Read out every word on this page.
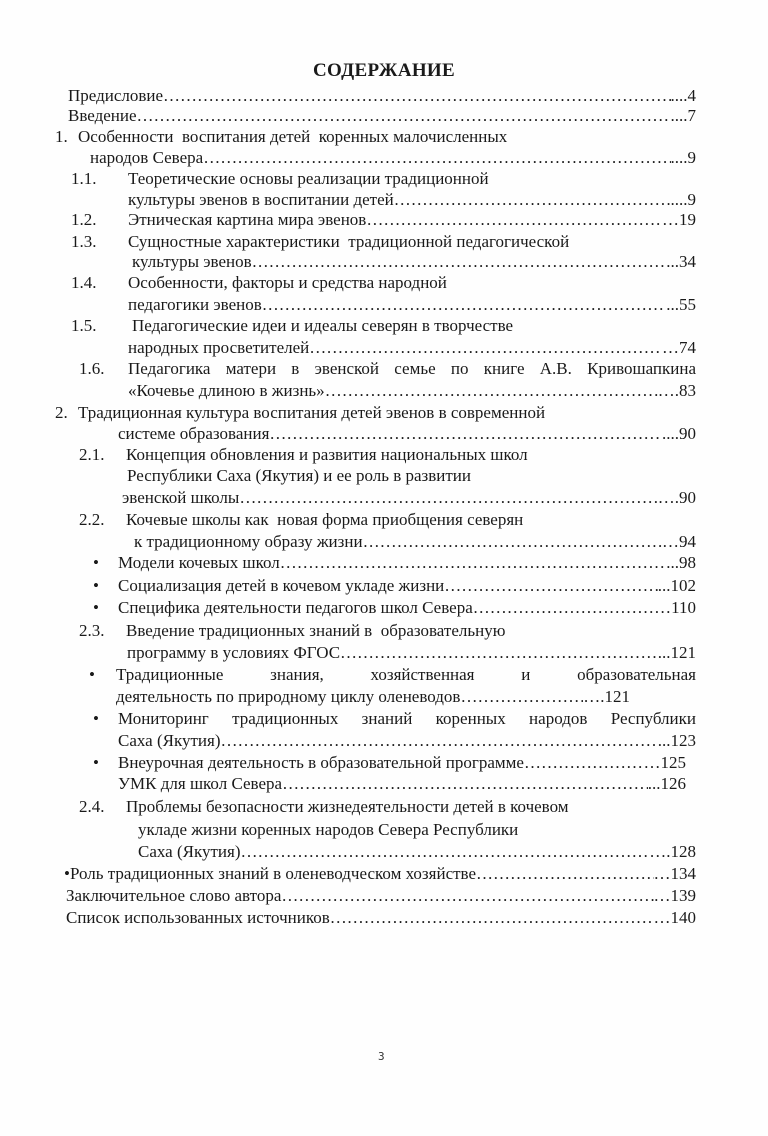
СОДЕРЖАНИЕ
Предисловие ……………………………………………………………………………………………………………………………………………………………………	....4
Введение ……………………………………………………………………………………………………………………………………………………………………	....7
1. Особенности  воспитания детей  коренных малочисленных
народов Севера ……………………………………………………………………………………………………………………………………………………………………	....9
1.1. Теоретические основы реализации традиционной
культуры эвенов в воспитании детей ……………………………………………………………………………………………………………………………………………………………………	....9
1.2. Этническая картина мира эвенов ……………………………………………………………………………………………………………………………………………………………………	…19
1.3. Сущностные характеристики  традиционной педагогической
культуры эвенов ……………………………………………………………………………………………………………………………………………………………………	...34
1.4. Особенности, факторы и средства народной
педагогики эвенов ……………………………………………………………………………………………………………………………………………………………………	...55
1.5. Педагогические идеи и идеалы северян в творчестве
народных просветителей ……………………………………………………………………………………………………………………………………………………………………	…74
1.6. Педагогика матери в эвенской семье по книге А.В. Кривошапкина
«Кочевье длиною в жизнь» ……………………………………………………………………………………………………………………………………………………………………	….83
2. Традиционная культура воспитания детей эвенов в современной
системе образования ……………………………………………………………………………………………………………………………………………………………………	....90
2.1. Концепция обновления и развития национальных школ
Республики Саха (Якутия) и ее роль в развитии
эвенской школы ……………………………………………………………………………………………………………………………………………………………………	….90
2.2. Кочевые школы как  новая форма приобщения северян
к традиционному образу жизни ……………………………………………………………………………………………………………………………………………………………………	…94
• Модели кочевых школ ……………………………………………………………………………………………………………………………………………………………………	...98
• Социализация детей в кочевом укладе жизни ……………………………………………………………………………………………………………………………………………………………………	...102
• Специфика деятельности педагогов школ Севера ……………………………………………………………………………………………………………………………………………………………………	…110
2.3. Введение традиционных знаний в  образовательную
программу в условиях ФГОС ……………………………………………………………………………………………………………………………………………………………………	...121
• Традиционные знания, хозяйственная и образовательная
деятельность по природному циклу оленеводов ……………………………………………………………………………………………………………………………………………………………………	….121
• Мониторинг традиционных знаний коренных народов Республики
Саха (Якутия) ……………………………………………………………………………………………………………………………………………………………………	...123
• Внеурочная деятельность в образовательной программе ……………………………………………………………………………………………………………………………………………………………………	…125
УМК для школ Севера ……………………………………………………………………………………………………………………………………………………………………	...126
2.4. Проблемы безопасности жизнедеятельности детей в кочевом
укладе жизни коренных народов Севера Республики
Саха (Якутия) ……………………………………………………………………………………………………………………………………………………………………	….128
• Роль традиционных знаний в оленеводческом хозяйстве ……………………………………………………………………………………………………………………………………………………………………	…134
Заключительное слово автора ……………………………………………………………………………………………………………………………………………………………………	…139
Список использованных источников ……………………………………………………………………………………………………………………………………………………………………	…140
3
